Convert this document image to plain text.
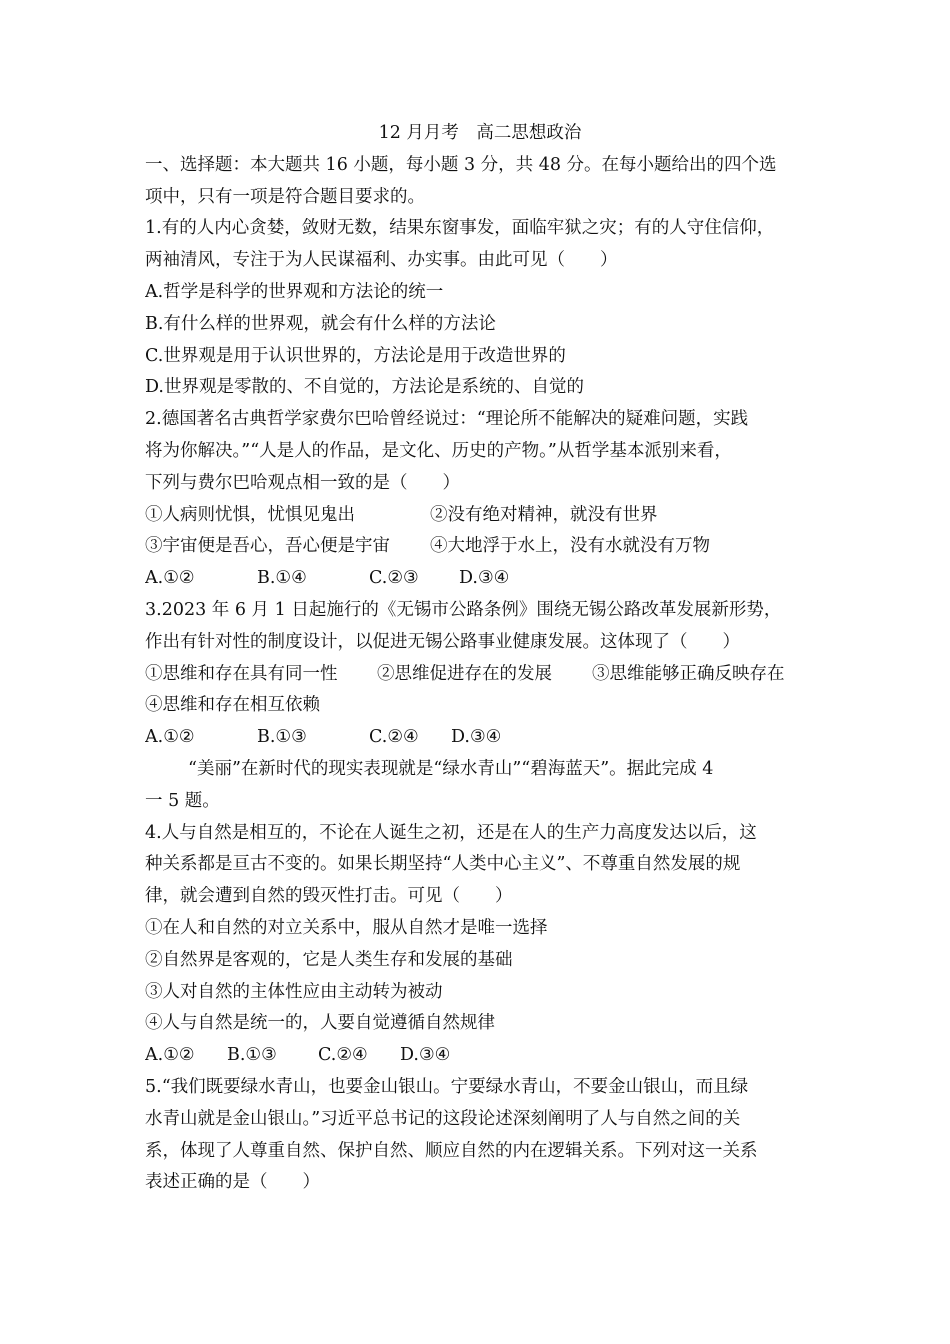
12 月月考　高二思想政治
一、选择题：本大题共 16 小题，每小题 3 分，共 48 分。在每小题给出的四个选
项中，只有一项是符合题目要求的。
1.有的人内心贪婪，敛财无数，结果东窗事发，面临牢狱之灾；有的人守住信仰，
两袖清风，专注于为人民谋福利、办实事。由此可见（　　）
A.哲学是科学的世界观和方法论的统一
B.有什么样的世界观，就会有什么样的方法论
C.世界观是用于认识世界的，方法论是用于改造世界的
D.世界观是零散的、不自觉的，方法论是系统的、自觉的
2.德国著名古典哲学家费尔巴哈曾经说过：“理论所不能解决的疑难问题，实践
将为你解决。”“人是人的作品，是文化、历史的产物。”从哲学基本派别来看，
下列与费尔巴哈观点相一致的是（　　）
①人病则忧惧，忧惧见鬼出	②没有绝对精神，就没有世界
③宇宙便是吾心，吾心便是宇宙	④大地浮于水上，没有水就没有万物
A.①②	B.①④	C.②③	D.③④
3.2023 年 6 月 1 日起施行的《无锡市公路条例》围绕无锡公路改革发展新形势，
作出有针对性的制度设计，以促进无锡公路事业健康发展。这体现了（　　）
①思维和存在具有同一性	②思维促进存在的发展	③思维能够正确反映存在
④思维和存在相互依赖
A.①②	B.①③	C.②④	D.③④
“美丽”在新时代的现实表现就是“绿水青山”“碧海蓝天”。据此完成 4
一 5 题。
4.人与自然是相互的，不论在人诞生之初，还是在人的生产力高度发达以后，这
种关系都是亘古不变的。如果长期坚持“人类中心主义”、不尊重自然发展的规
律，就会遭到自然的毁灭性打击。可见（　　）
①在人和自然的对立关系中，服从自然才是唯一选择
②自然界是客观的，它是人类生存和发展的基础
③人对自然的主体性应由主动转为被动
④人与自然是统一的，人要自觉遵循自然规律
A.①②	B.①③	C.②④	D.③④
5.“我们既要绿水青山，也要金山银山。宁要绿水青山，不要金山银山，而且绿
水青山就是金山银山。”习近平总书记的这段论述深刻阐明了人与自然之间的关
系，体现了人尊重自然、保护自然、顺应自然的内在逻辑关系。下列对这一关系
表述正确的是（　　）
